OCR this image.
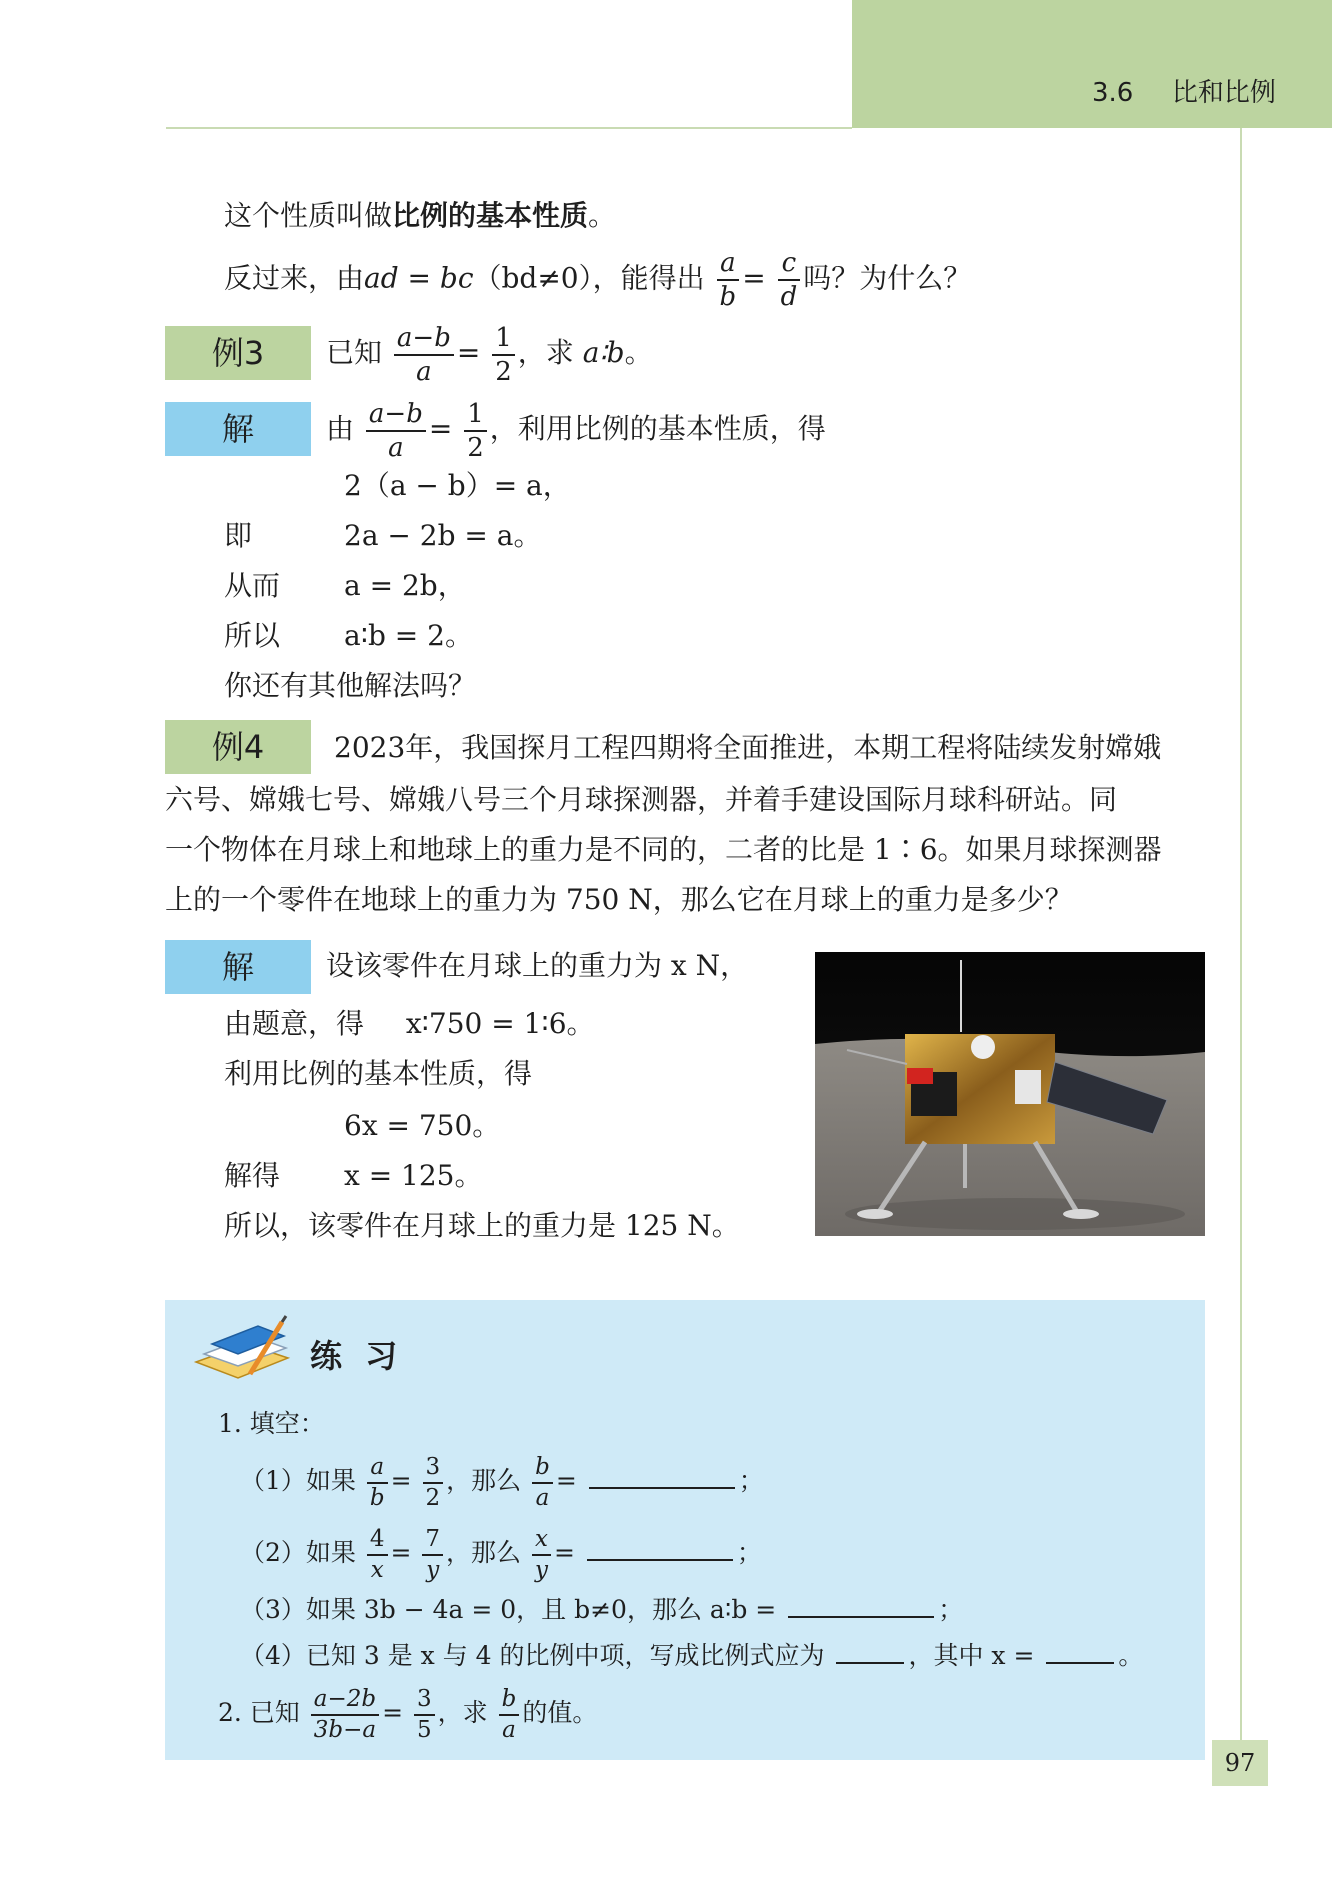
3.6 比和比例
这个性质叫做比例的基本性质。
反过来，由ad = bc（bd≠0），能得出 $\frac{a}{b} = \frac{c}{d}$ 吗？为什么？
例3	已知 $\frac{a-b}{a} = \frac{1}{2}$ ，求 a∶b。
解	由 $\frac{a-b}{a} = \frac{1}{2}$ ，利用比例的基本性质，得
2（a − b）= a，
即	2a − 2b = a。
从而 a = 2b，
所以 a∶b = 2。
你还有其他解法吗？
例4	2023年，我国探月工程四期将全面推进，本期工程将陆续发射嫦娥
六号、嫦娥七号、嫦娥八号三个月球探测器，并着手建设国际月球科研站。同
一个物体在月球上和地球上的重力是不同的，二者的比是 1∶6。如果月球探测器
上的一个零件在地球上的重力为 750 N，那么它在月球上的重力是多少？
解	设该零件在月球上的重力为 x N，
由题意，得 x∶750 = 1∶6。
利用比例的基本性质，得
6x = 750。
解得 x = 125。
所以，该零件在月球上的重力是 125 N。
练 习
1. 填空：
（1）如果 $\frac{a}{b} = \frac{3}{2}$ ，那么 $\frac{b}{a}$ =	；
（2）如果 $\frac{4}{x} = \frac{7}{y}$ ，那么 $\frac{x}{y}$ =	；
（3）如果 3b − 4a = 0，且 b≠0，那么 a∶b =	；
（4）已知 3 是 x 与 4 的比例中项，写成比例式应为	，其中 x =	。
2. 已知 $\frac{a-2b}{3b-a} = \frac{3}{5}$ ，求 $\frac{b}{a}$ 的值。
97
